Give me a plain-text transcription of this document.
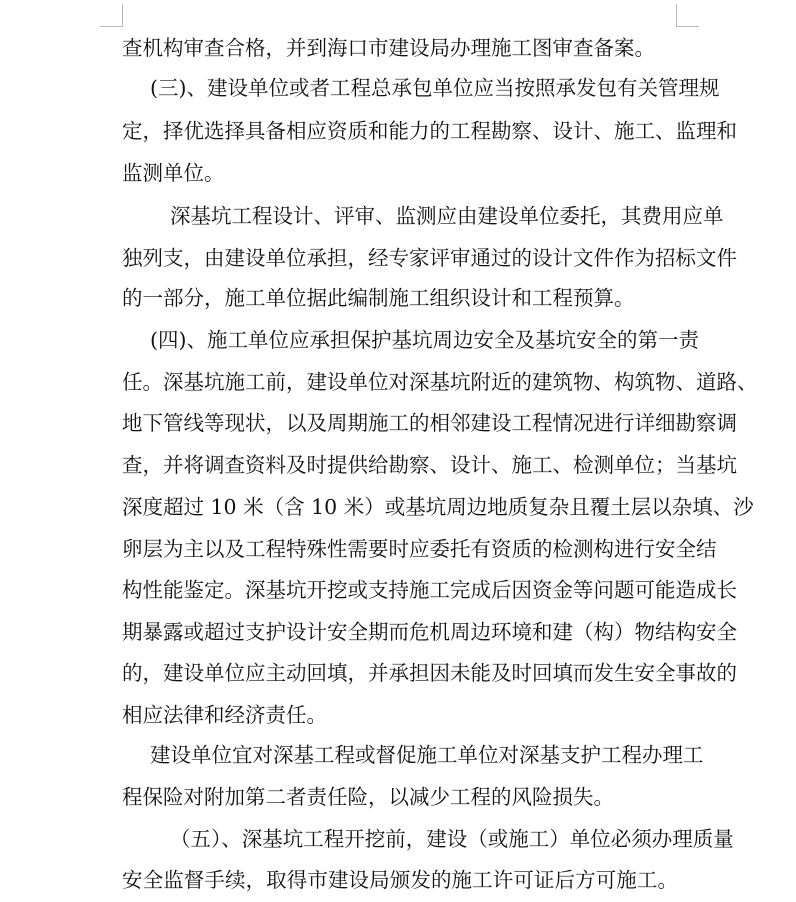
查机构审查合格，并到海口市建设局办理施工图审查备案。
(三)、建设单位或者工程总承包单位应当按照承发包有关管理规
定，择优选择具备相应资质和能力的工程勘察、设计、施工、监理和
监测单位。
深基坑工程设计、评审、监测应由建设单位委托，其费用应单
独列支，由建设单位承担，经专家评审通过的设计文件作为招标文件
的一部分，施工单位据此编制施工组织设计和工程预算。
(四)、施工单位应承担保护基坑周边安全及基坑安全的第一责
任。深基坑施工前，建设单位对深基坑附近的建筑物、构筑物、道路、
地下管线等现状，以及周期施工的相邻建设工程情况进行详细勘察调
查，并将调查资料及时提供给勘察、设计、施工、检测单位；当基坑
深度超过 10 米（含 10 米）或基坑周边地质复杂且覆土层以杂填、沙
卵层为主以及工程特殊性需要时应委托有资质的检测构进行安全结
构性能鉴定。深基坑开挖或支持施工完成后因资金等问题可能造成长
期暴露或超过支护设计安全期而危机周边环境和建（构）物结构安全
的，建设单位应主动回填，并承担因未能及时回填而发生安全事故的
相应法律和经济责任。
建设单位宜对深基工程或督促施工单位对深基支护工程办理工
程保险对附加第二者责任险，以减少工程的风险损失。
（五）、深基坑工程开挖前，建设（或施工）单位必须办理质量
安全监督手续，取得市建设局颁发的施工许可证后方可施工。
